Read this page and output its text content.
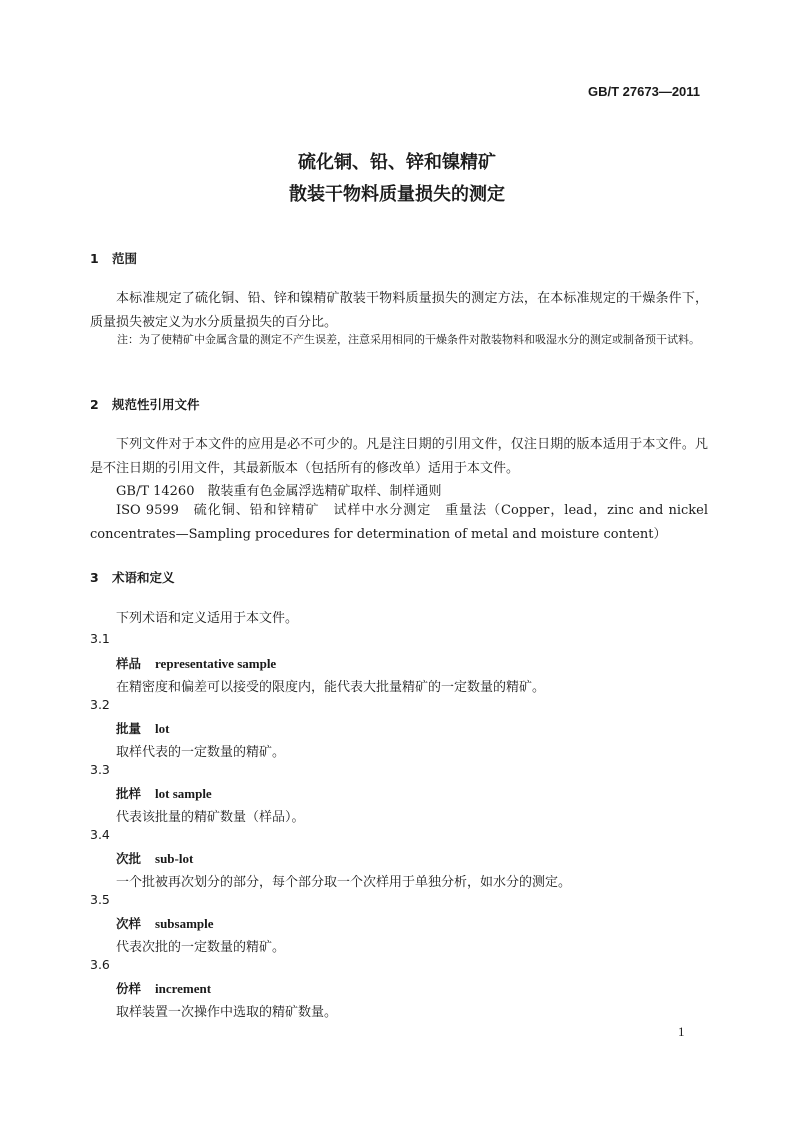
GB/T 27673—2011
硫化铜、铅、锌和镍精矿
散装干物料质量损失的测定
1 范围
本标准规定了硫化铜、铅、锌和镍精矿散装干物料质量损失的测定方法，在本标准规定的干燥条件下，质量损失被定义为水分质量损失的百分比。
注：为了使精矿中金属含量的测定不产生误差，注意采用相同的干燥条件对散装物料和吸湿水分的测定或制备预干试料。
2 规范性引用文件
下列文件对于本文件的应用是必不可少的。凡是注日期的引用文件，仅注日期的版本适用于本文件。凡是不注日期的引用文件，其最新版本（包括所有的修改单）适用于本文件。
GB/T 14260　散装重有色金属浮选精矿取样、制样通则
ISO 9599　硫化铜、铅和锌精矿　试样中水分测定　重量法（Copper，lead，zinc and nickel concentrates—Sampling procedures for determination of metal and moisture content）
3 术语和定义
下列术语和定义适用于本文件。
3.1
样品 representative sample
在精密度和偏差可以接受的限度内，能代表大批量精矿的一定数量的精矿。
3.2
批量 lot
取样代表的一定数量的精矿。
3.3
批样 lot sample
代表该批量的精矿数量（样品）。
3.4
次批 sub-lot
一个批被再次划分的部分，每个部分取一个次样用于单独分析，如水分的测定。
3.5
次样 subsample
代表次批的一定数量的精矿。
3.6
份样 increment
取样装置一次操作中选取的精矿数量。
1
